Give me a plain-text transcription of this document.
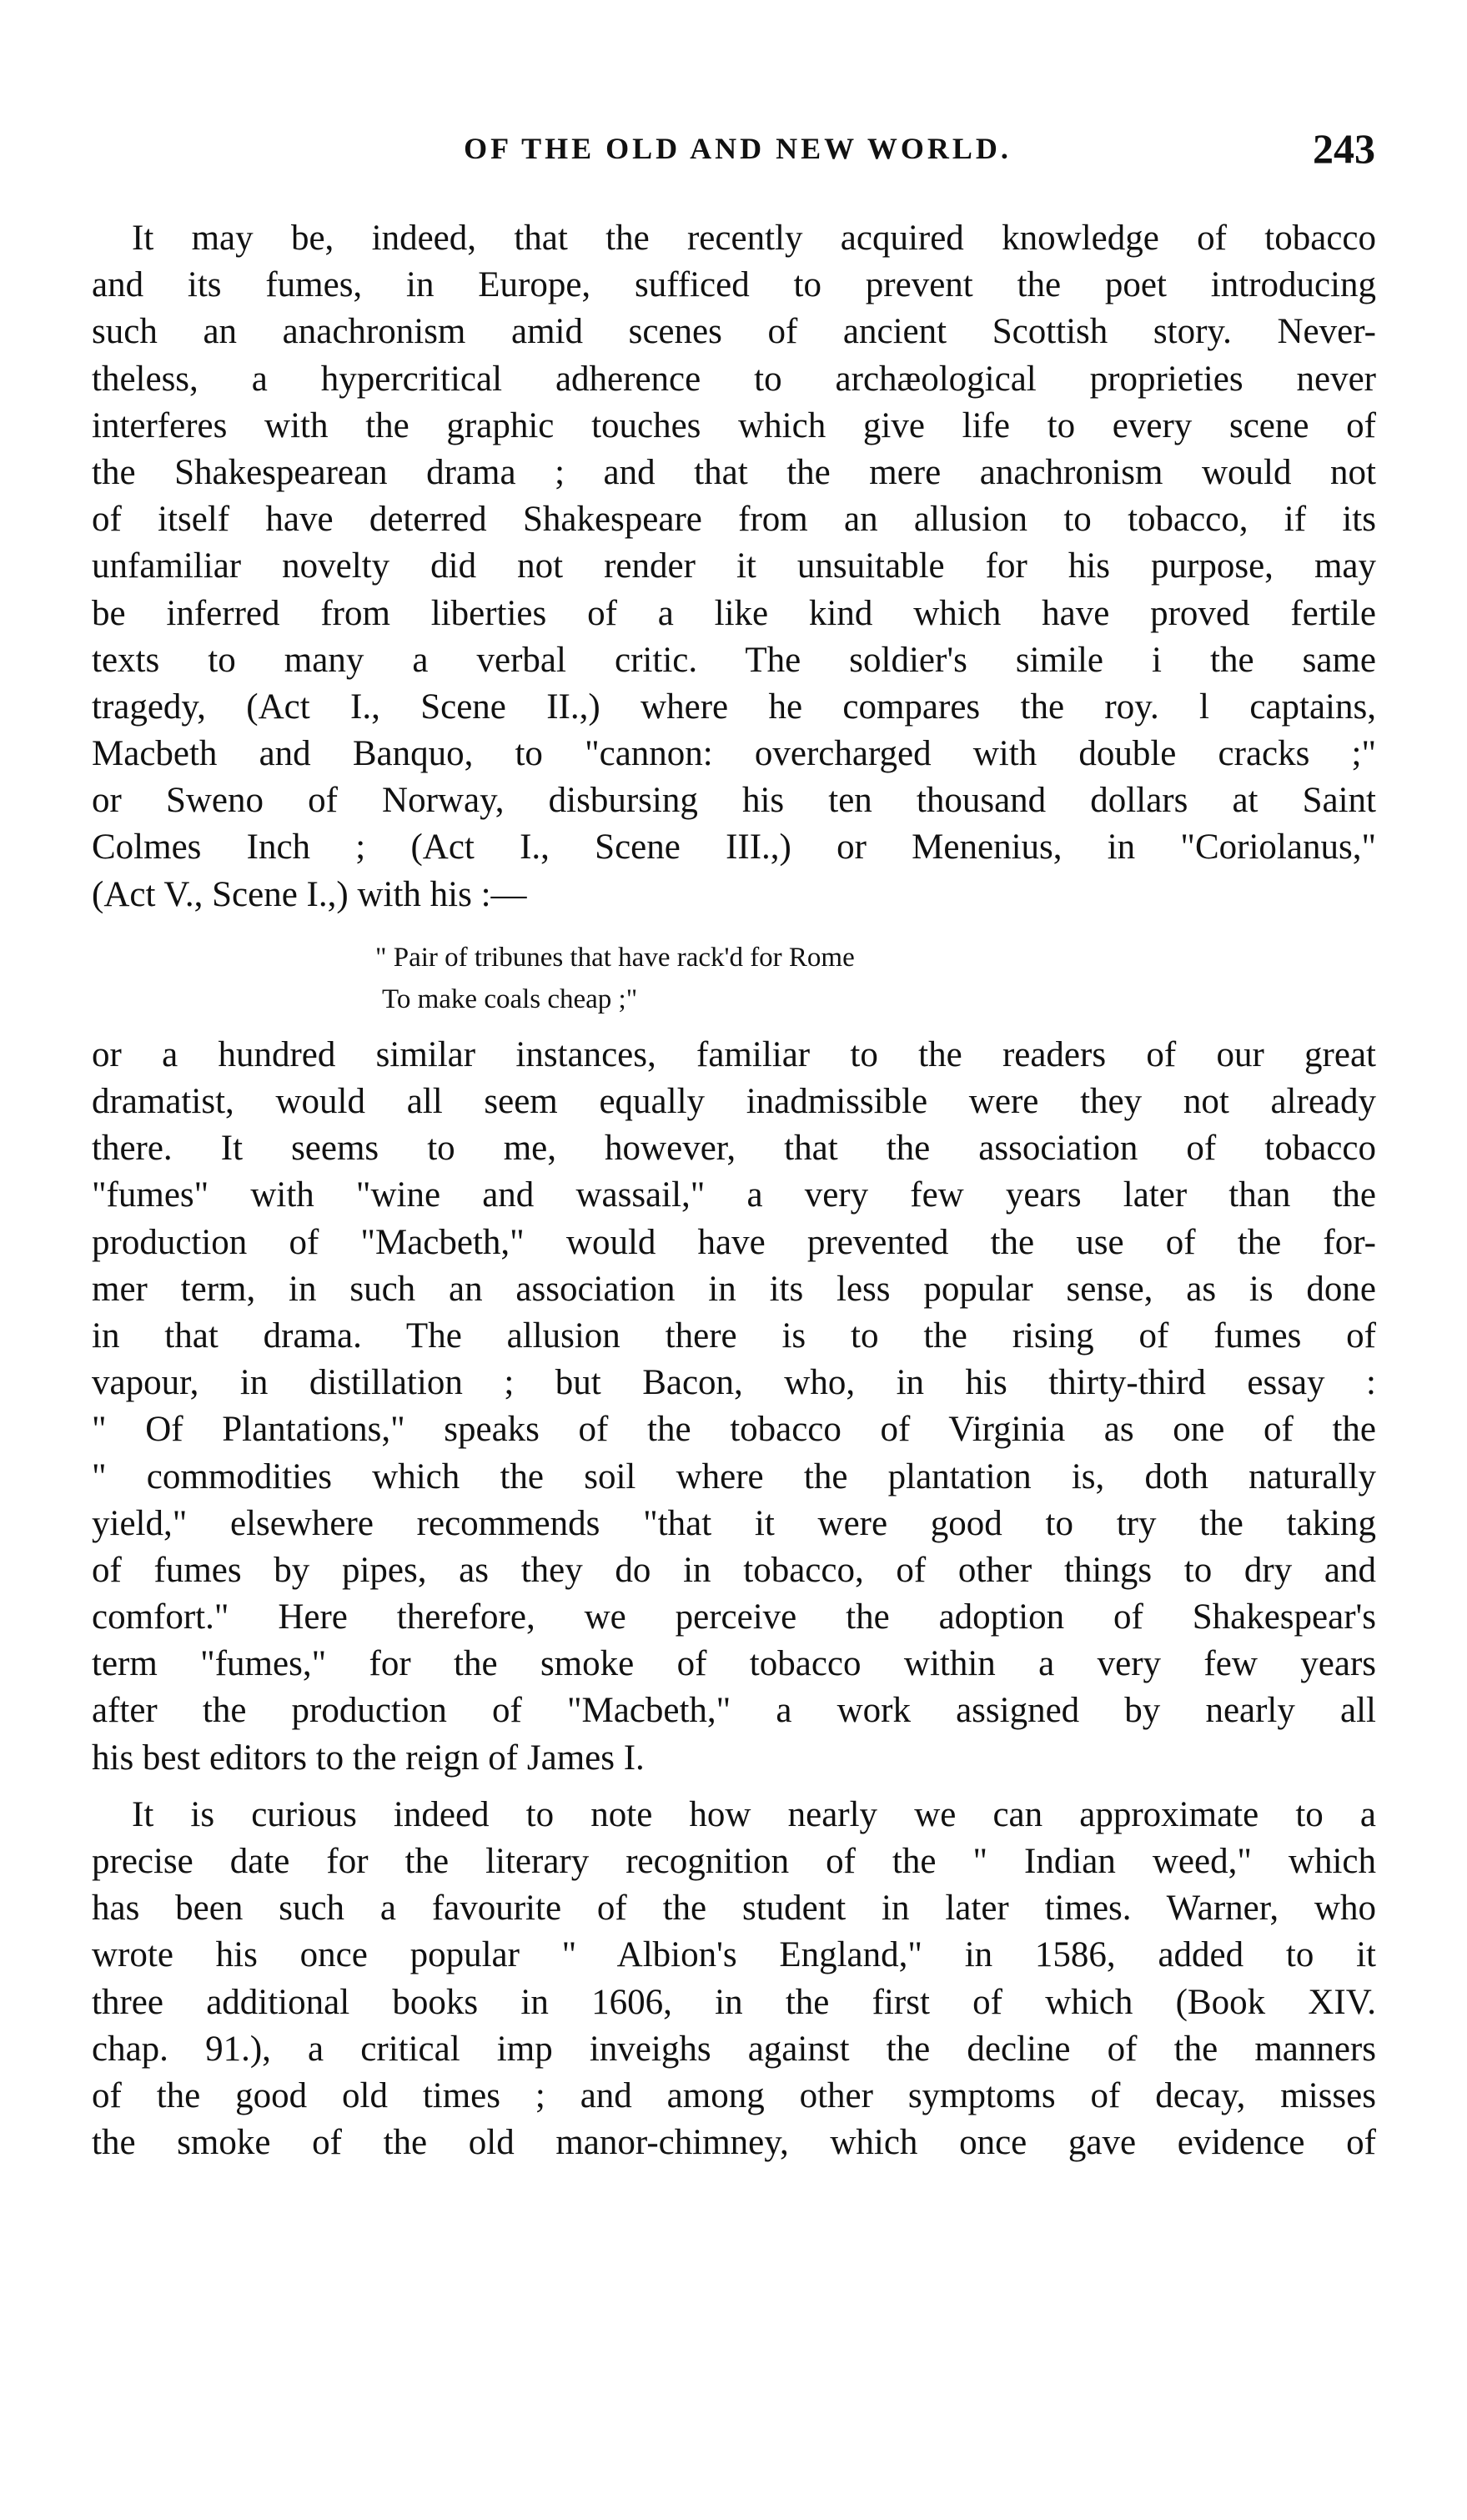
OF THE OLD AND NEW WORLD.	243
It may be, indeed, that the recently acquired knowledge of tobacco
and its fumes, in Europe, sufficed to prevent the poet introducing
such an anachronism amid scenes of ancient Scottish story. Never-
theless, a hypercritical adherence to archæological proprieties never
interferes with the graphic touches which give life to every scene of
the Shakespearean drama ; and that the mere anachronism would not
of itself have deterred Shakespeare from an allusion to tobacco, if its
unfamiliar novelty did not render it unsuitable for his purpose, may
be inferred from liberties of a like kind which have proved fertile
texts to many a verbal critic. The soldier's simile i the same
tragedy, (Act I., Scene II.,) where he compares the roy. l captains,
Macbeth and Banquo, to "cannon: overcharged with double cracks ;"
or Sweno of Norway, disbursing his ten thousand dollars at Saint
Colmes Inch ; (Act I., Scene III.,) or Menenius, in "Coriolanus,"
(Act V., Scene I.,) with his :—
" Pair of tribunes that have rack'd for Rome
To make coals cheap ;"
or a hundred similar instances, familiar to the readers of our great
dramatist, would all seem equally inadmissible were they not already
there. It seems to me, however, that the association of tobacco
"fumes" with "wine and wassail," a very few years later than the
production of "Macbeth," would have prevented the use of the for-
mer term, in such an association in its less popular sense, as is done
in that drama. The allusion there is to the rising of fumes of
vapour, in distillation ; but Bacon, who, in his thirty-third essay :
" Of Plantations," speaks of the tobacco of Virginia as one of the
" commodities which the soil where the plantation is, doth naturally
yield," elsewhere recommends "that it were good to try the taking
of fumes by pipes, as they do in tobacco, of other things to dry and
comfort." Here therefore, we perceive the adoption of Shakespear's
term "fumes," for the smoke of tobacco within a very few years
after the production of "Macbeth," a work assigned by nearly all
his best editors to the reign of James I.
It is curious indeed to note how nearly we can approximate to a
precise date for the literary recognition of the " Indian weed," which
has been such a favourite of the student in later times. Warner, who
wrote his once popular " Albion's England," in 1586, added to it
three additional books in 1606, in the first of which (Book XIV.
chap. 91.), a critical imp inveighs against the decline of the manners
of the good old times ; and among other symptoms of decay, misses
the smoke of the old manor-chimney, which once gave evidence of
